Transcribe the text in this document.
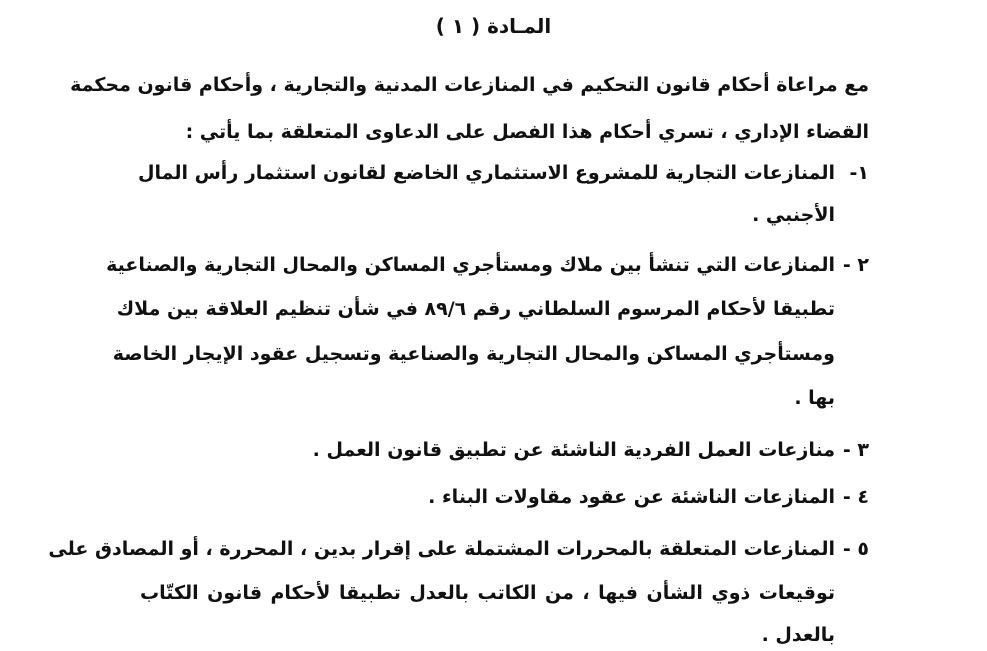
المـادة ( ١ )
مع مراعاة أحكام قانون التحكيم في المنازعات المدنية والتجارية ، وأحكام قانون محكمة
القضاء الإداري ، تسري أحكام هذا الفصل على الدعاوى المتعلقة بما يأتي :
١-
المنازعات التجارية للمشروع الاستثماري الخاضع لقانون استثمار رأس المال
الأجنبي .
٢ -
المنازعات التي تنشأ بين ملاك ومستأجري المساكن والمحال التجارية والصناعية
تطبيقا لأحكام المرسوم السلطاني رقم ٨٩/٦ في شأن تنظيم العلاقة بين ملاك
ومستأجري المساكن والمحال التجارية والصناعية وتسجيل عقود الإيجار الخاصة
بها .
٣ -
منازعات العمل الفردية الناشئة عن تطبيق قانون العمل .
٤ -
المنازعات الناشئة عن عقود مقاولات البناء .
٥ -
المنازعات المتعلقة بالمحررات المشتملة على إقرار بدين ، المحررة ، أو المصادق على
توقيعات ذوي الشأن فيها ، من الكاتب بالعدل تطبيقا لأحكام قانون الكتّاب
بالعدل .
